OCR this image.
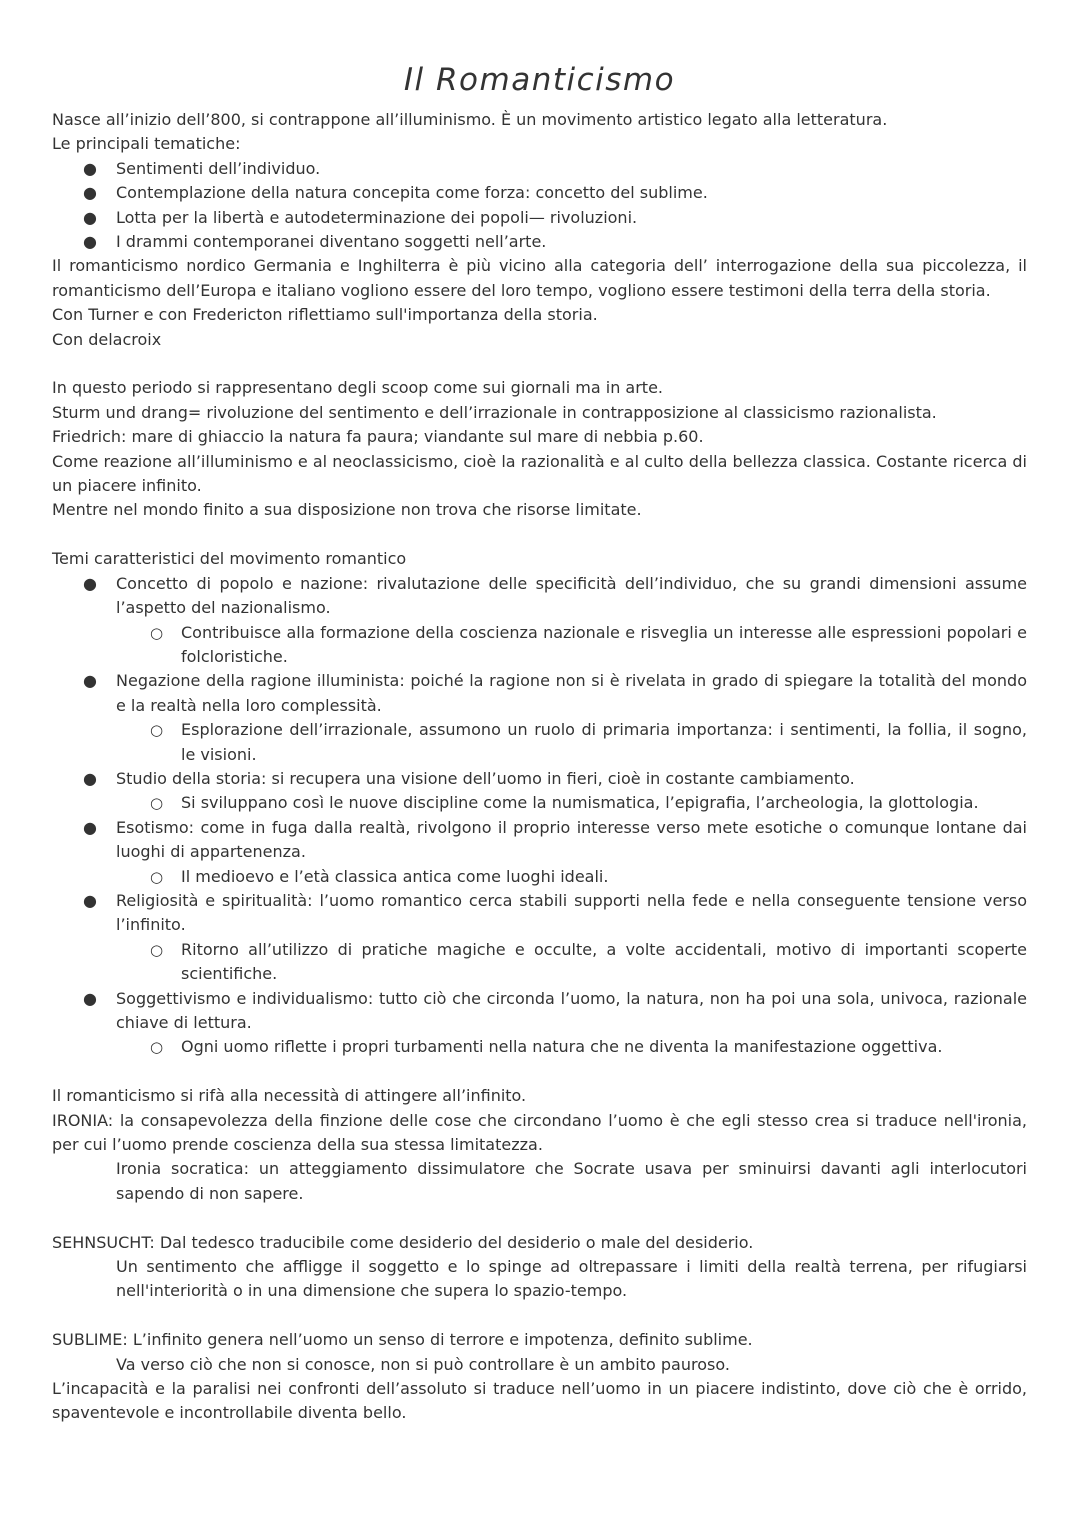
Il Romanticismo

Nasce all’inizio dell’800, si contrappone all’illuminismo. È un movimento artistico legato alla letteratura.

Le principali tematiche:

● Sentimenti dell’individuo.
● Contemplazione della natura concepita come forza: concetto del sublime.
● Lotta per la libertà e autodeterminazione dei popoli— rivoluzioni.
● I drammi contemporanei diventano soggetti nell’arte.

Il romanticismo nordico Germania e Inghilterra è più vicino alla categoria dell’ interrogazione della sua piccolezza, il romanticismo dell’Europa e italiano vogliono essere del loro tempo, vogliono essere testimoni della terra della storia.

Con Turner e con Fredericton riflettiamo sull'importanza della storia.

Con delacroix

In questo periodo si rappresentano degli scoop come sui giornali ma in arte.

Sturm und drang= rivoluzione del sentimento e dell’irrazionale in contrapposizione al classicismo razionalista.

Friedrich: mare di ghiaccio la natura fa paura; viandante sul mare di nebbia p.60.

Come reazione all’illuminismo e al neoclassicismo, cioè la razionalità e al culto della bellezza classica. Costante ricerca di un piacere infinito.

Mentre nel mondo finito a sua disposizione non trova che risorse limitate.

Temi caratteristici del movimento romantico

● Concetto di popolo e nazione: rivalutazione delle specificità dell’individuo, che su grandi dimensioni assume l’aspetto del nazionalismo.
○ Contribuisce alla formazione della coscienza nazionale e risveglia un interesse alle espressioni popolari e folcloristiche.
● Negazione della ragione illuminista: poiché la ragione non si è rivelata in grado di spiegare la totalità del mondo e la realtà nella loro complessità.
○ Esplorazione dell’irrazionale, assumono un ruolo di primaria importanza: i sentimenti, la follia, il sogno, le visioni.
● Studio della storia: si recupera una visione dell’uomo in fieri, cioè in costante cambiamento.
○ Si sviluppano così le nuove discipline come la numismatica, l’epigrafia, l’archeologia, la glottologia.
● Esotismo: come in fuga dalla realtà, rivolgono il proprio interesse verso mete esotiche o comunque lontane dai luoghi di appartenenza.
○ Il medioevo e l’età classica antica come luoghi ideali.
● Religiosità e spiritualità: l’uomo romantico cerca stabili supporti nella fede e nella conseguente tensione verso l’infinito.
○ Ritorno all’utilizzo di pratiche magiche e occulte, a volte accidentali, motivo di importanti scoperte scientifiche.
● Soggettivismo e individualismo: tutto ciò che circonda l’uomo, la natura, non ha poi una sola, univoca, razionale chiave di lettura.
○ Ogni uomo riflette i propri turbamenti nella natura che ne diventa la manifestazione oggettiva.

Il romanticismo si rifà alla necessità di attingere all’infinito.

IRONIA: la consapevolezza della finzione delle cose che circondano l’uomo è che egli stesso crea si traduce nell'ironia, per cui l’uomo prende coscienza della sua stessa limitatezza.

Ironia socratica: un atteggiamento dissimulatore che Socrate usava per sminuirsi davanti agli interlocutori sapendo di non sapere.

SEHNSUCHT: Dal tedesco traducibile come desiderio del desiderio o male del desiderio.

Un sentimento che affligge il soggetto e lo spinge ad oltrepassare i limiti della realtà terrena, per rifugiarsi nell'interiorità o in una dimensione che supera lo spazio-tempo.

SUBLIME: L’infinito genera nell’uomo un senso di terrore e impotenza, definito sublime.

Va verso ciò che non si conosce, non si può controllare è un ambito pauroso.

L’incapacità e la paralisi nei confronti dell’assoluto si traduce nell’uomo in un piacere indistinto, dove ciò che è orrido, spaventevole e incontrollabile diventa bello.
